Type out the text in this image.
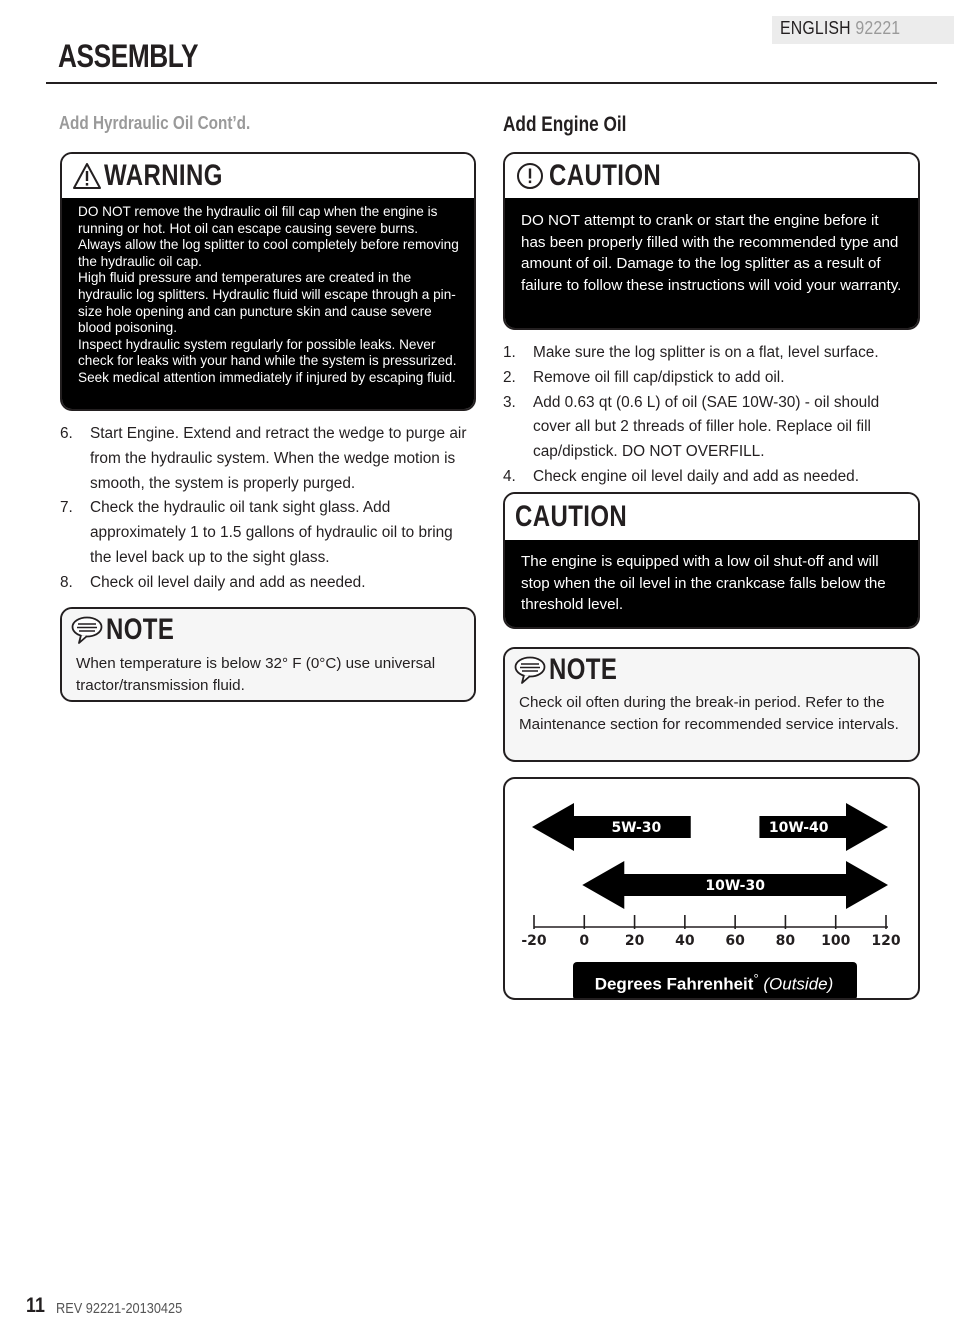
ENGLISH 92221
ASSEMBLY
Add Hyrdraulic Oil Cont’d.
WARNING

DO NOT remove the hydraulic oil fill cap when the engine is running or hot. Hot oil can escape causing severe burns. Always allow the log splitter to cool completely before removing the hydraulic oil cap.

High fluid pressure and temperatures are created in the hydraulic log splitters. Hydraulic fluid will escape through a pin-size hole opening and can puncture skin and cause severe blood poisoning.

Inspect hydraulic system regularly for possible leaks. Never check for leaks with your hand while the system is pressurized. Seek medical attention immediately if injured by escaping fluid.

6. Start Engine. Extend and retract the wedge to purge air from the hydraulic system. When the wedge motion is smooth, the system is properly purged.
7. Check the hydraulic oil tank sight glass. Add approximately 1 to 1.5 gallons of hydraulic oil to bring the level back up to the sight glass.
8. Check oil level daily and add as needed.
NOTE
When temperature is below 32° F (0°C) use universal tractor/transmission fluid.
Add Engine Oil
CAUTION
DO NOT attempt to crank or start the engine before it has been properly filled with the recommended type and amount of oil. Damage to the log splitter as a result of failure to follow these instructions will void your warranty.
1. Make sure the log splitter is on a flat, level surface.
2. Remove oil fill cap/dipstick to add oil.
3. Add 0.63 qt (0.6 L) of oil (SAE 10W-30) - oil should cover all but 2 threads of filler hole. Replace oil fill cap/dipstick. DO NOT OVERFILL.
4. Check engine oil level daily and add as needed.
CAUTION
The engine is equipped with a low oil shut-off and will stop when the oil level in the crankcase falls below the threshold level.
NOTE
Check oil often during the break-in period. Refer to the Maintenance section for recommended service intervals.
5W-30	10W-40
10W-30
-20 0	20 40 60 80 100 120
Degrees Fahrenheit° (Outside)
11 REV 92221-20130425
